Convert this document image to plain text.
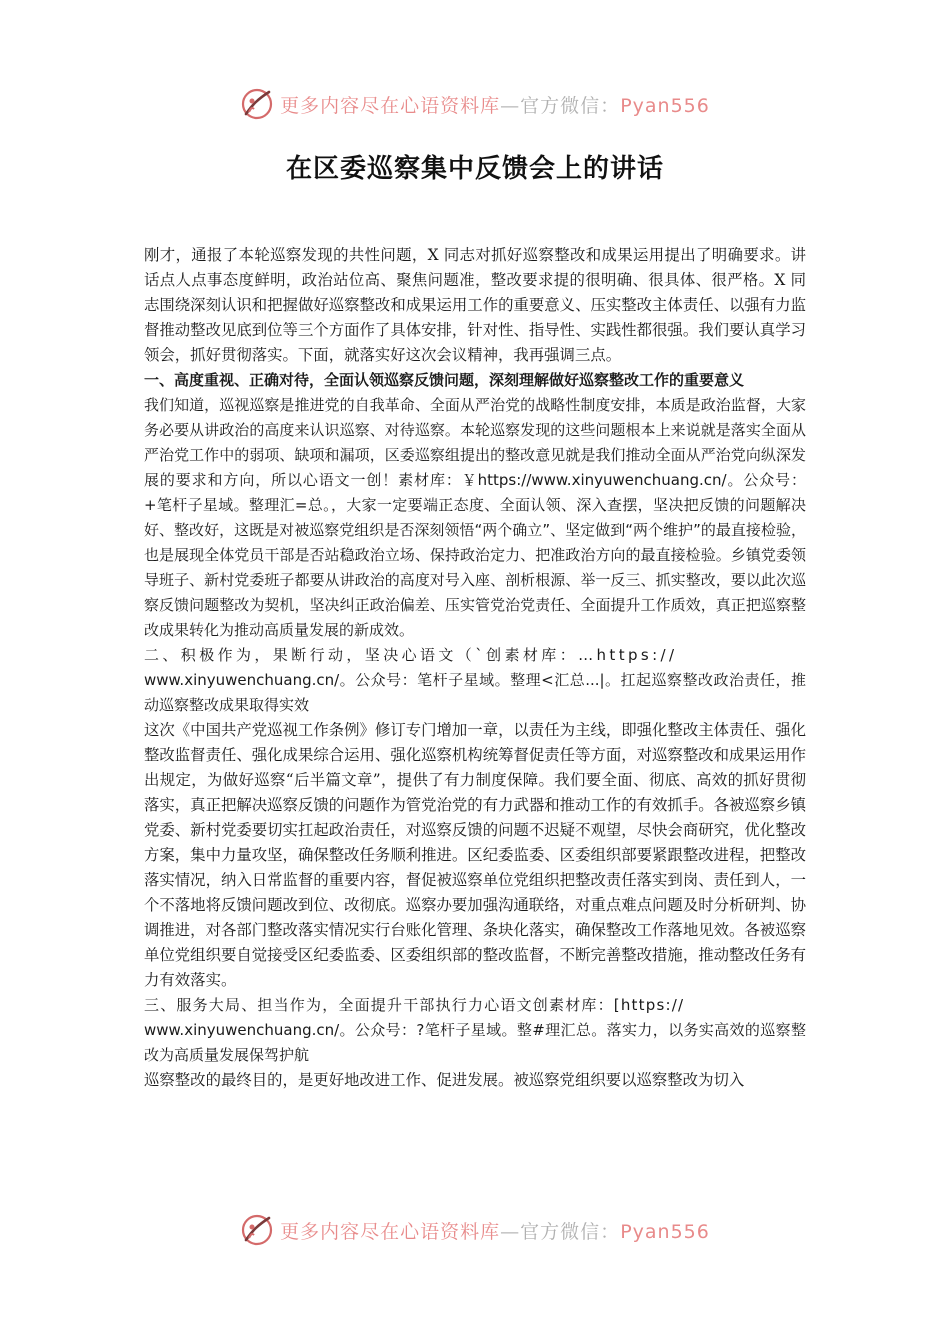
更多内容尽在心语资料库—官方微信：Pyan556
在区委巡察集中反馈会上的讲话

刚才，通报了本轮巡察发现的共性问题，X 同志对抓好巡察整改和成果运用提出了明确要求。讲话点人点事态度鲜明，政治站位高、聚焦问题准，整改要求提的很明确、很具体、很严格。X 同志围绕深刻认识和把握做好巡察整改和成果运用工作的重要意义、压实整改主体责任、以强有力监督推动整改见底到位等三个方面作了具体安排，针对性、指导性、实践性都很强。我们要认真学习领会，抓好贯彻落实。下面，就落实好这次会议精神，我再强调三点。

一、高度重视、正确对待，全面认领巡察反馈问题，深刻理解做好巡察整改工作的重要意义

我们知道，巡视巡察是推进党的自我革命、全面从严治党的战略性制度安排，本质是政治监督，大家务必要从讲政治的高度来认识巡察、对待巡察。本轮巡察发现的这些问题根本上来说就是落实全面从严治党工作中的弱项、缺项和漏项，区委巡察组提出的整改意见就是我们推动全面从严治党向纵深发展的要求和方向，所以心语文一创！素材库：￥https://www.xinyuwenchuang.cn/。公众号：+笔杆子星域。整理汇=总。，大家一定要端正态度、全面认领、深入查摆，坚决把反馈的问题解决好、整改好，这既是对被巡察党组织是否深刻领悟“两个确立”、坚定做到“两个维护”的最直接检验，也是展现全体党员干部是否站稳政治立场、保持政治定力、把准政治方向的最直接检验。乡镇党委领导班子、新村党委班子都要从讲政治的高度对号入座、剖析根源、举一反三、抓实整改，要以此次巡察反馈问题整改为契机，坚决纠正政治偏差、压实管党治党责任、全面提升工作质效，真正把巡察整改成果转化为推动高质量发展的新成效。

二、积极作为，果断行动，坚决心语文（`创素材库：…https://

www.xinyuwenchuang.cn/。公众号：笔杆子星域。整理<汇总...|。扛起巡察整改政治责任，推动巡察整改成果取得实效

这次《中国共产党巡视工作条例》修订专门增加一章，以责任为主线，即强化整改主体责任、强化整改监督责任、强化成果综合运用、强化巡察机构统筹督促责任等方面，对巡察整改和成果运用作出规定，为做好巡察“后半篇文章”，提供了有力制度保障。我们要全面、彻底、高效的抓好贯彻落实，真正把解决巡察反馈的问题作为管党治党的有力武器和推动工作的有效抓手。各被巡察乡镇党委、新村党委要切实扛起政治责任，对巡察反馈的问题不迟疑不观望，尽快会商研究，优化整改方案，集中力量攻坚，确保整改任务顺利推进。区纪委监委、区委组织部要紧跟整改进程，把整改落实情况，纳入日常监督的重要内容，督促被巡察单位党组织把整改责任落实到岗、责任到人，一个不落地将反馈问题改到位、改彻底。巡察办要加强沟通联络，对重点难点问题及时分析研判、协调推进，对各部门整改落实情况实行台账化管理、条块化落实，确保整改工作落地见效。各被巡察单位党组织要自觉接受区纪委监委、区委组织部的整改监督，不断完善整改措施，推动整改任务有力有效落实。

三、服务大局、担当作为，全面提升干部执行力心语文创素材库：[https://

www.xinyuwenchuang.cn/。公众号：?笔杆子星域。整#理汇总。落实力，以务实高效的巡察整改为高质量发展保驾护航

巡察整改的最终目的，是更好地改进工作、促进发展。被巡察党组织要以巡察整改为切入

更多内容尽在心语资料库—官方微信：Pyan556
